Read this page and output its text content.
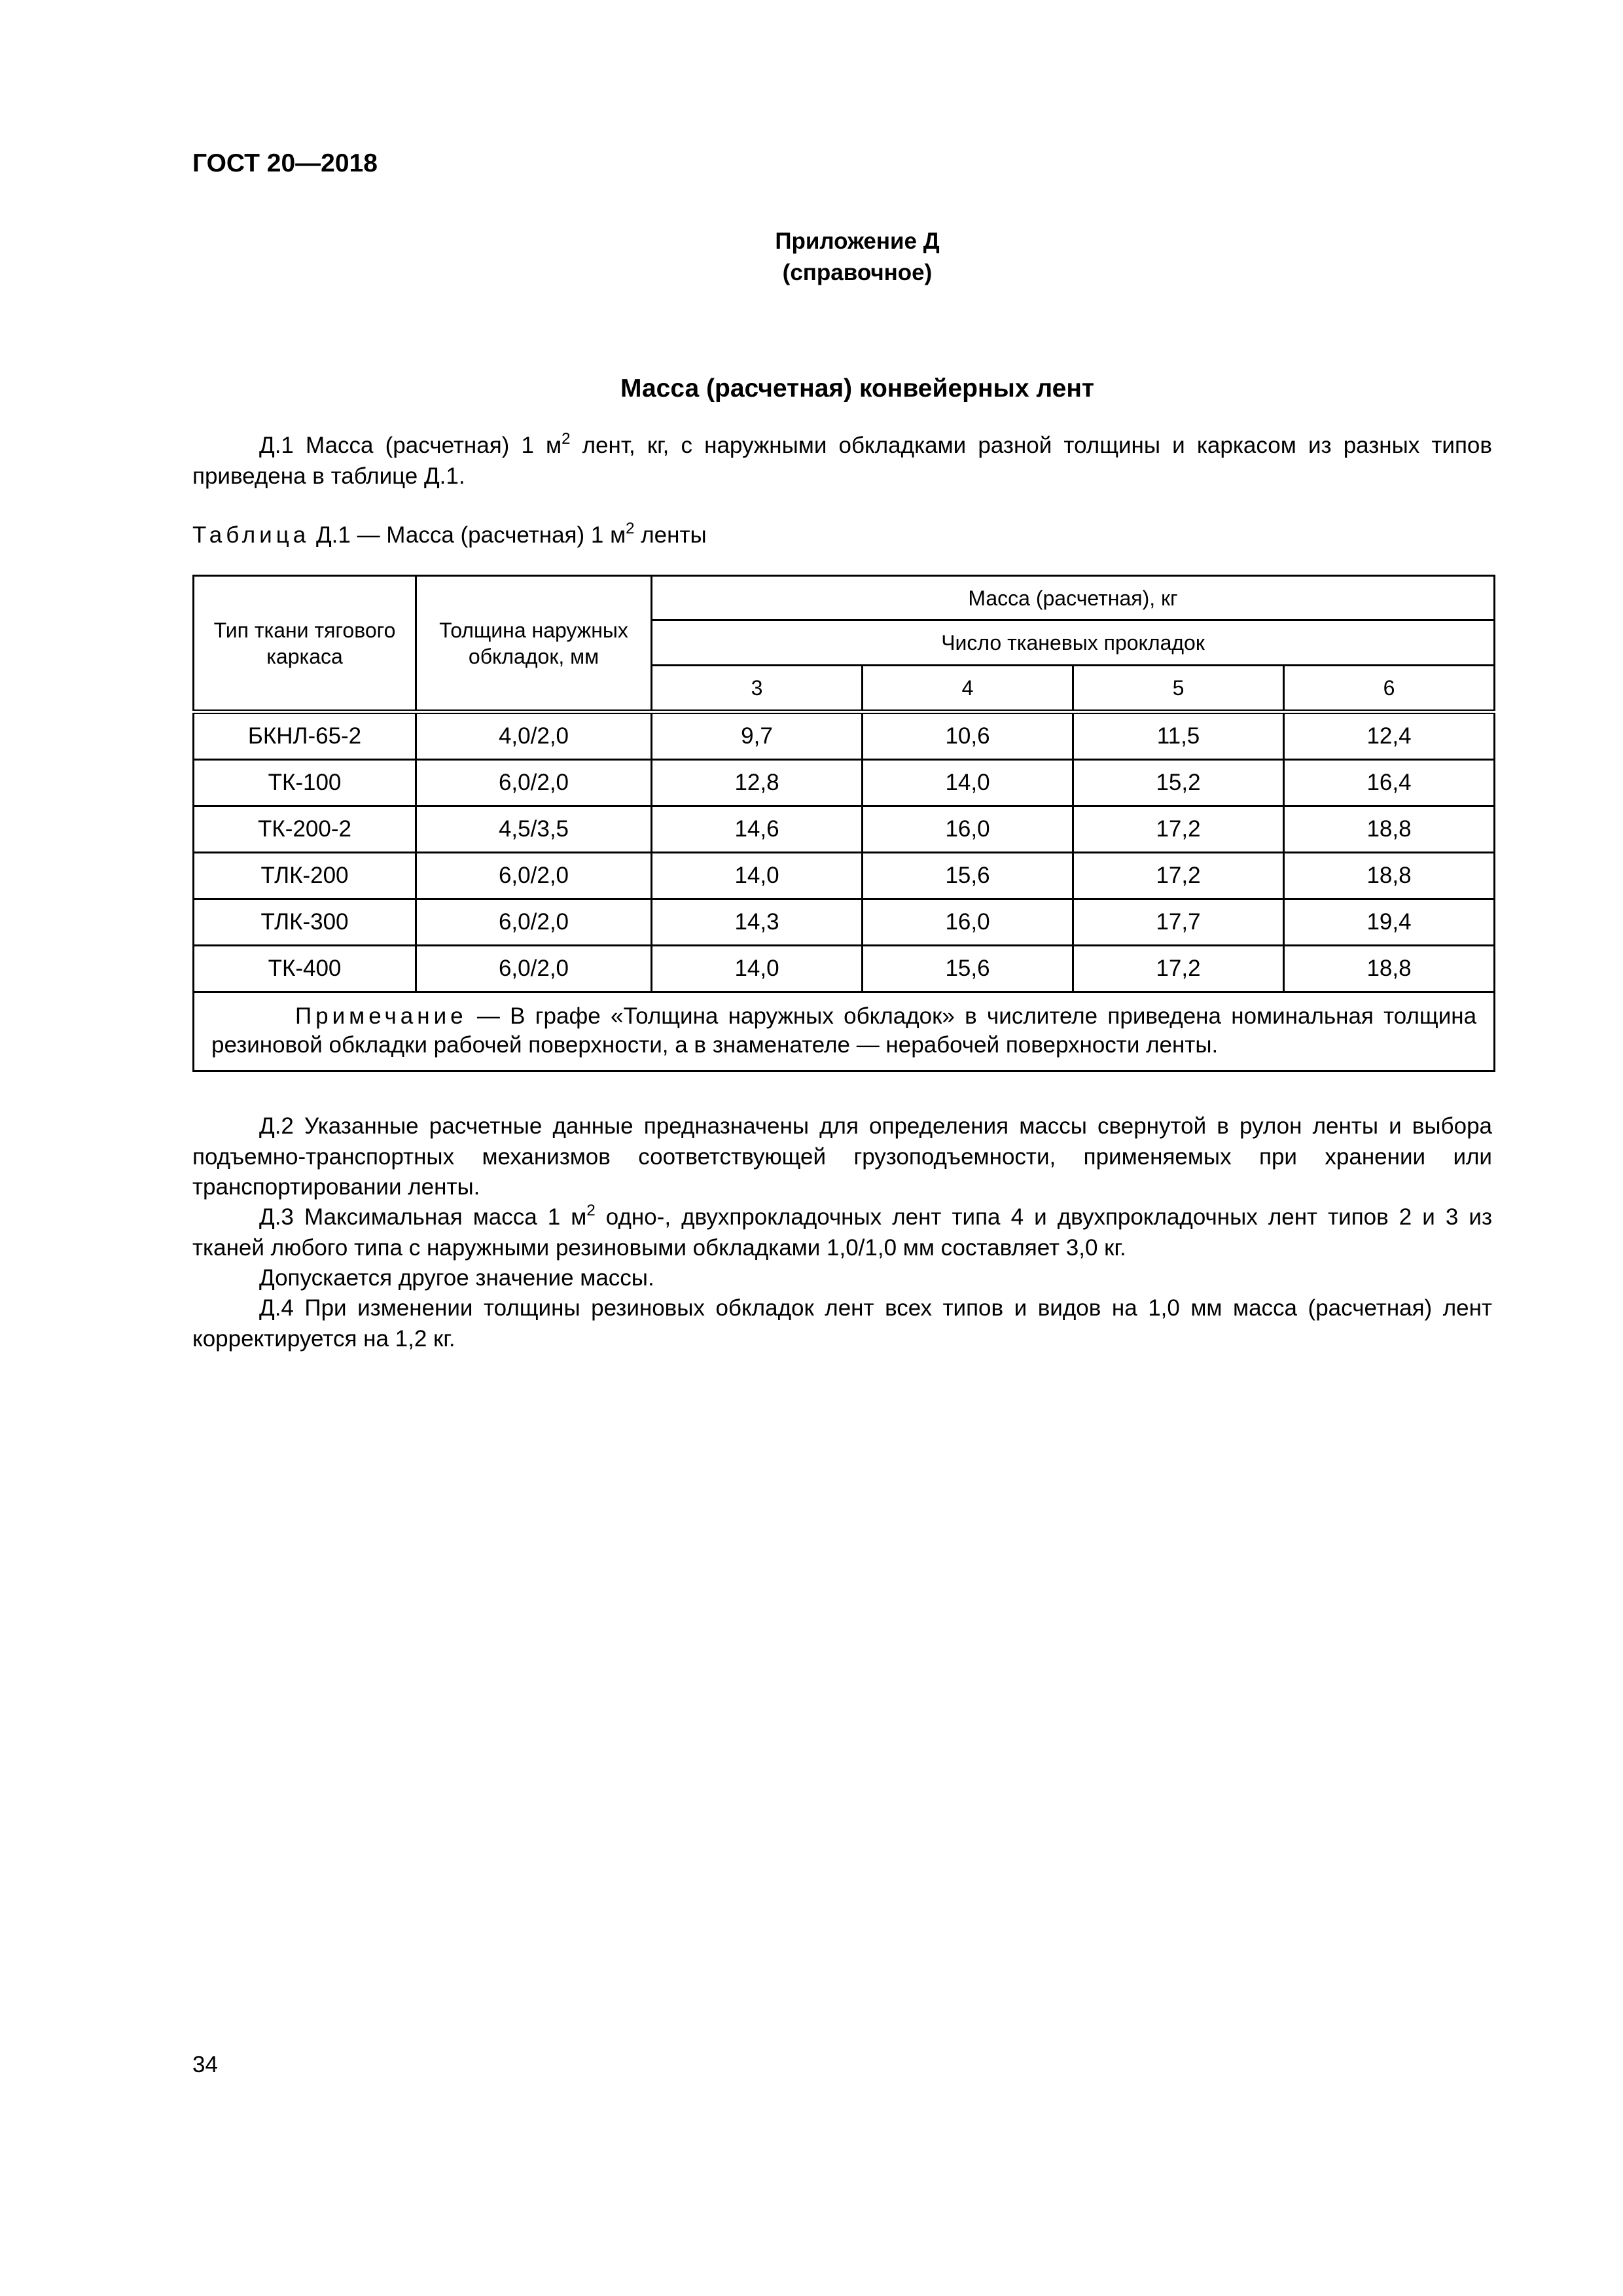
ГОСТ 20—2018
Приложение Д
(справочное)
Масса (расчетная) конвейерных лент

Д.1 Масса (расчетная) 1 $м^2$ лент, кг, с наружными обкладками разной толщины и каркасом из разных типов приведена в таблице Д.1.

Таблица Д.1 — Масса (расчетная) 1 $м^2$ ленты
Тип ткани тягового каркаса	Толщина наружных обкладок, мм	Масса (расчетная), кг			
		Число тканевых прокладок			
		3	4	5	6
БКНЛ-65-2	4,0/2,0	9,7	10,6	11,5	12,4
ТК-100	6,0/2,0	12,8	14,0	15,2	16,4
ТК-200-2	4,5/3,5	14,6	16,0	17,2	18,8
ТЛК-200	6,0/2,0	14,0	15,6	17,2	18,8
ТЛК-300	6,0/2,0	14,3	16,0	17,7	19,4
ТК-400	6,0/2,0	14,0	15,6	17,2	18,8
Примечание — В графе «Толщина наружных обкладок» в числителе приведена номинальная толщина резиновой обкладки рабочей поверхности, а в знаменателе — нерабочей поверхности ленты.					

Д.2 Указанные расчетные данные предназначены для определения массы свернутой в рулон ленты и выбора подъемно-транспортных механизмов соответствующей грузоподъемности, применяемых при хранении или транспортировании ленты.

Д.3 Максимальная масса 1 $м^2$ одно-, двухпрокладочных лент типа 4 и двухпрокладочных лент типов 2 и 3 из тканей любого типа с наружными резиновыми обкладками 1,0/1,0 мм составляет 3,0 кг.

Допускается другое значение массы.

Д.4 При изменении толщины резиновых обкладок лент всех типов и видов на 1,0 мм масса (расчетная) лент корректируется на 1,2 кг.

34
